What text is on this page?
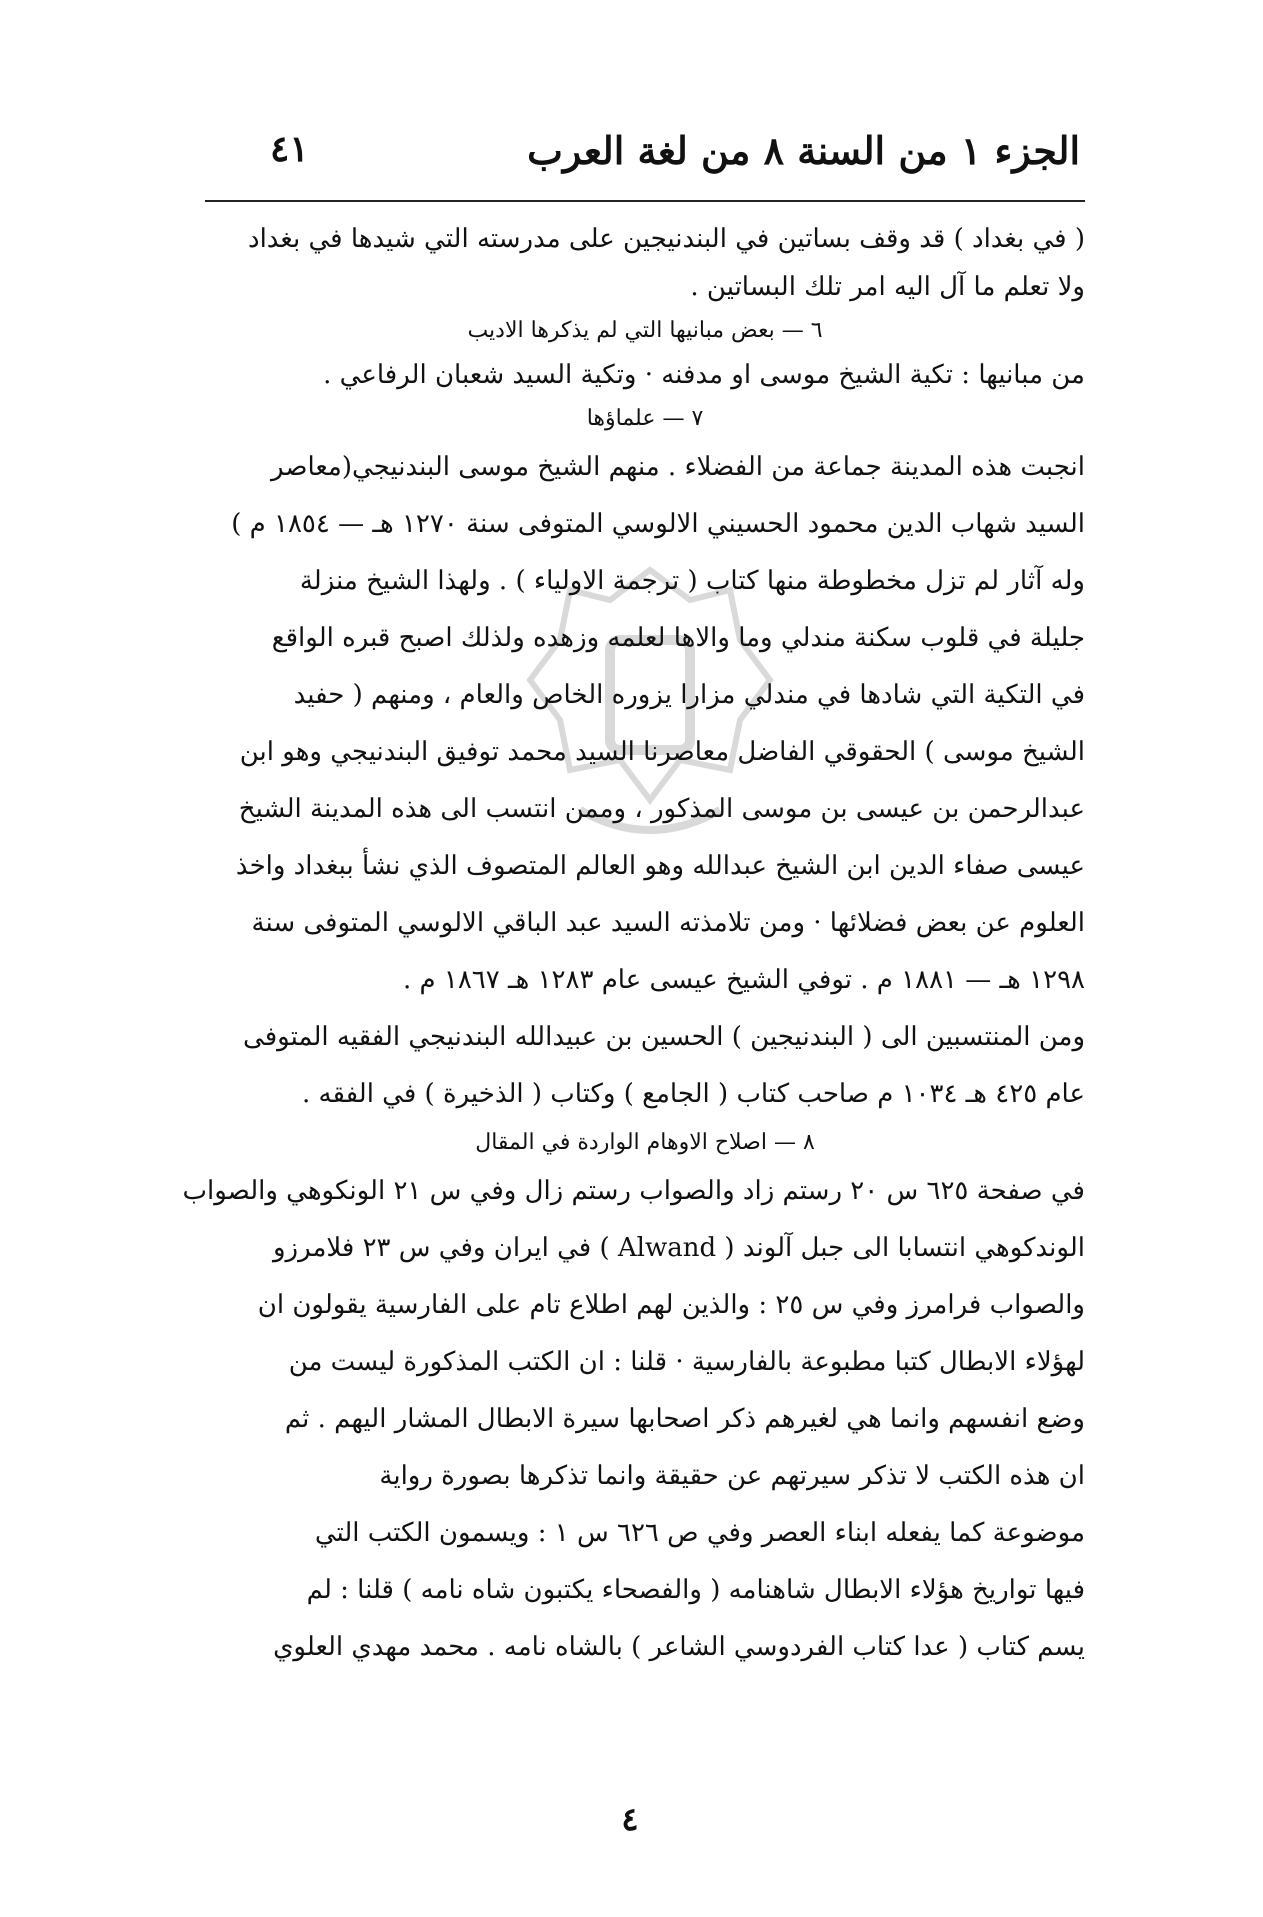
الجزء ١ من السنة ٨ من لغة العرب
٤١
( في بغداد ) قد وقف بساتين في البندنيجين على مدرسته التي شيدها في بغداد
ولا تعلم ما آل اليه امر تلك البساتين .
٦ — بعض مبانيها التي لم يذكرها الاديب
من مبانيها : تكية الشيخ موسى او مدفنه · وتكية السيد شعبان الرفاعي .
٧ — علماؤها
انجبت هذه المدينة جماعة من الفضلاء . منهم الشيخ موسى البندنيجي(معاصر
السيد شهاب الدين محمود الحسيني الالوسي المتوفى سنة ١٢٧٠ هـ — ١٨٥٤ م )
وله آثار لم تزل مخطوطة منها كتاب ( ترجمة الاولياء ) . ولهذا الشيخ منزلة
جليلة في قلوب سكنة مندلي وما والاها لعلمه وزهده ولذلك اصبح قبره الواقع
في التكية التي شادها في مندلي مزارا يزوره الخاص والعام ، ومنهم ( حفيد
الشيخ موسى ) الحقوقي الفاضل معاصرنا السيد محمد توفيق البندنيجي وهو ابن
عبدالرحمن بن عيسى بن موسى المذكور ، وممن انتسب الى هذه المدينة الشيخ
عيسى صفاء الدين ابن الشيخ عبدالله وهو العالم المتصوف الذي نشأ ببغداد واخذ
العلوم عن بعض فضلائها · ومن تلامذته السيد عبد الباقي الالوسي المتوفى سنة
١٢٩٨ هـ — ١٨٨١ م . توفي الشيخ عيسى عام ١٢٨٣ هـ ١٨٦٧ م .
ومن المنتسبين الى ( البندنيجين ) الحسين بن عبيدالله البندنيجي الفقيه المتوفى
عام ٤٢٥ هـ ١٠٣٤ م صاحب كتاب ( الجامع ) وكتاب ( الذخيرة ) في الفقه .
٨ — اصلاح الاوهام الواردة في المقال
في صفحة ٦٢٥ س ٢٠ رستم زاد والصواب رستم زال وفي س ٢١ الونكوهي والصواب
الوندكوهي انتسابا الى جبل آلوند ( Alwand ) في ايران وفي س ٢٣ فلامرزو
والصواب فرامرز وفي س ٢٥ : والذين لهم اطلاع تام على الفارسية يقولون ان
لهؤلاء الابطال كتبا مطبوعة بالفارسية · قلنا : ان الكتب المذكورة ليست من
وضع انفسهم وانما هي لغيرهم ذكر اصحابها سيرة الابطال المشار اليهم . ثم
ان هذه الكتب لا تذكر سيرتهم عن حقيقة وانما تذكرها بصورة رواية
موضوعة كما يفعله ابناء العصر وفي ص ٦٢٦ س ١ : ويسمون الكتب التي
فيها تواريخ هؤلاء الابطال شاهنامه ( والفصحاء يكتبون شاه نامه ) قلنا : لم
يسم كتاب ( عدا كتاب الفردوسي الشاعر ) بالشاه نامه . محمد مهدي العلوي
٤
